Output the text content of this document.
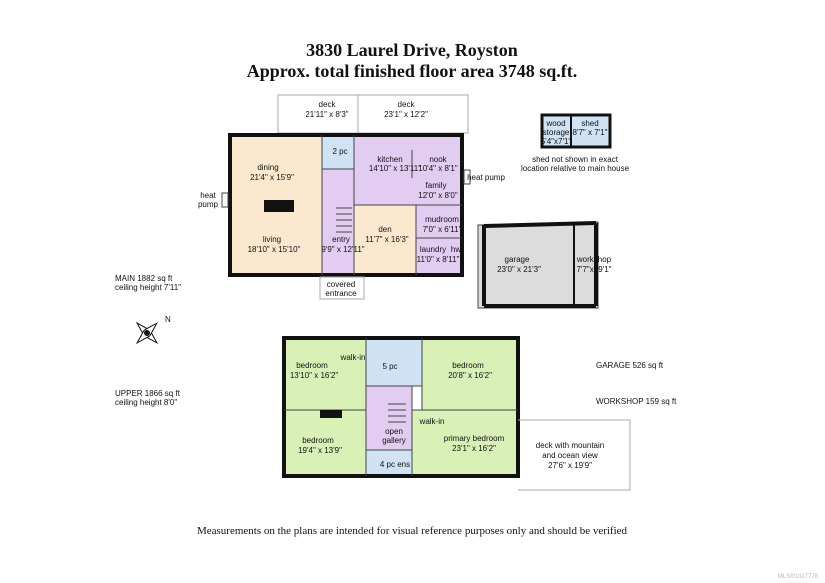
3830 Laurel Drive, Royston
Approx. total finished floor area 3748 sq.ft.
deck
21'11" x 8'3"
deck
23'1" x 12'2"
dining
21'4" x 15'9"
living
18'10" x 15'10"
2 pc
kitchen
14'10" x 13'11"
nook
10'4" x 8'1"
family
12'0" x 8'0"
entry
9'9" x 12'11"
den
11'7" x 16'3"
mudroom
7'0" x 6'11"
laundry hw
11'0" x 8'11"
heat
pump
heat pump
covered
entrance
MAIN 1882 sq ft
ceiling height 7'11"
garage
23'0" x 21'3"
workshop
7'7"x19'1"
wood
storage
5'4"x7'1"
shed
8'7" x 7'1"
shed not shown in exact
location relative to main house
N
bedroom
13'10" x 16'2"
walk-in
5 pc	bedroom
20'8" x 16'2"
bedroom
19'4" x 13'9"
open
gallery
walk-in
primary bedroom
23'1" x 16'2"
4 pc ens
deck with mountain
and ocean view
27'6" x 19'9"
UPPER 1866 sq ft
ceiling height 8'0"
GARAGE 526 sq ft
WORKSHOP 159 sq ft
Measurements on the plans are intended for visual reference purposes only and should be verified
MLS®1027778
